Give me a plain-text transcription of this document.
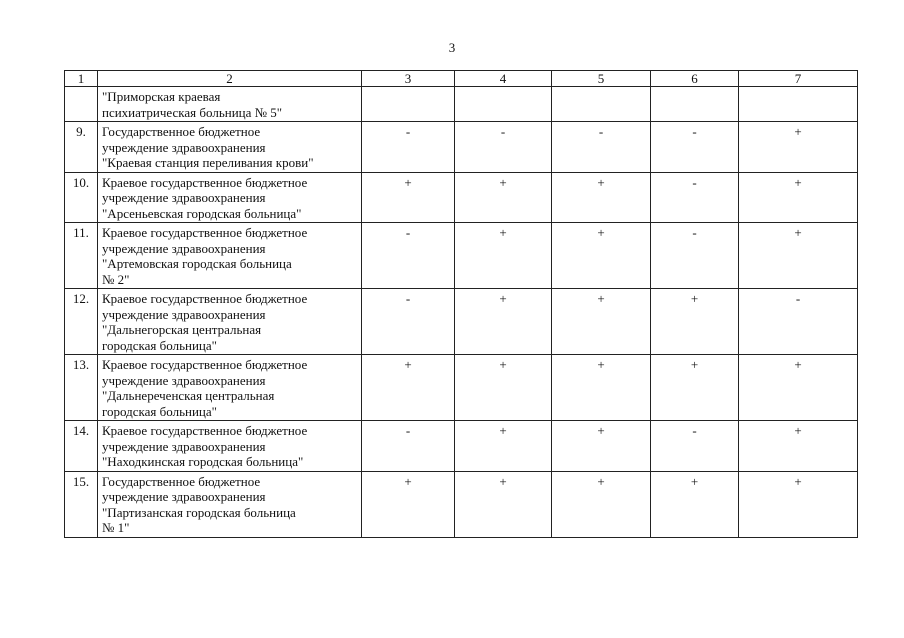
3
1	2	3	4	5	6	7

	"Приморская краевая
психиатрическая больница № 5"					

9.	Государственное бюджетное
учреждение здравоохранения
"Краевая станция переливания крови"	-	-	-	-	+
10.	Краевое государственное бюджетное
учреждение здравоохранения
"Арсеньевская городская больница"	+	+	+	-	+
11.	Краевое государственное бюджетное
учреждение здравоохранения
"Артемовская городская больница
№ 2"	-	+	+	-	+
12.	Краевое государственное бюджетное
учреждение здравоохранения
"Дальнегорская центральная
городская больница"	-	+	+	+	-
13.	Краевое государственное бюджетное
учреждение здравоохранения
"Дальнереченская центральная
городская больница"	+	+	+	+	+
14.	Краевое государственное бюджетное
учреждение здравоохранения
"Находкинская городская больница"	-	+	+	-	+
15.	Государственное бюджетное
учреждение здравоохранения
"Партизанская городская больница
№ 1"	+	+	+	+	+
